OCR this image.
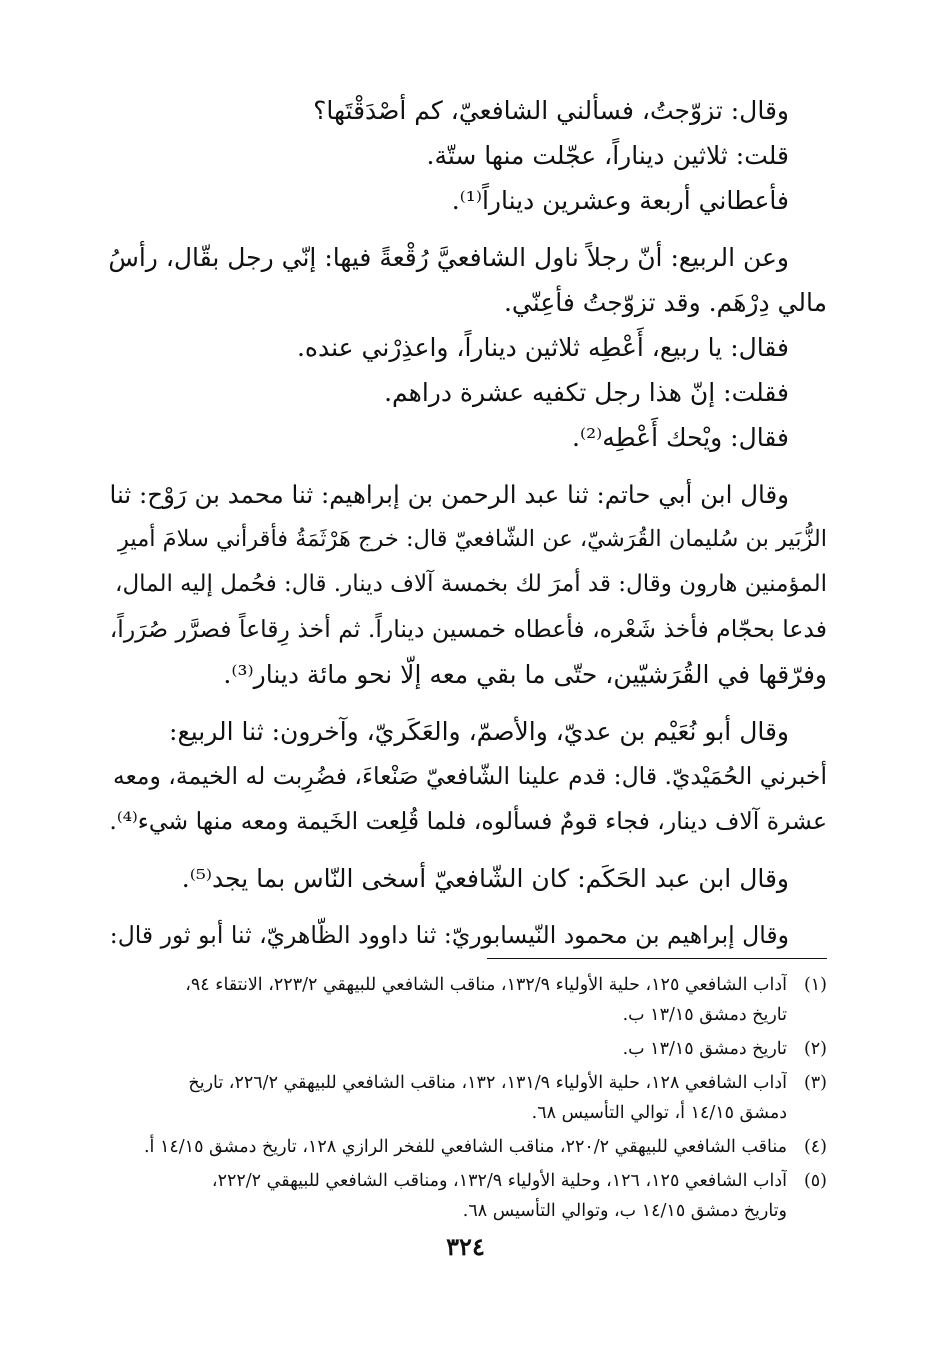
وقال: تزوّجتُ، فسألني الشافعيّ، كم أصْدَقْتَها؟
قلت: ثلاثين ديناراً، عجّلت منها ستّة.
فأعطاني أربعة وعشرين ديناراً⁽¹⁾.
وعن الربيع: أنّ رجلاً ناول الشافعيَّ رُقْعةً فيها: إنّي رجل بقّال، رأسُ
مالي دِرْهَم. وقد تزوّجتُ فأعِنّي.
فقال: يا ربيع، أَعْطِه ثلاثين ديناراً، واعذِرْني عنده.
فقلت: إنّ هذا رجل تكفيه عشرة دراهم.
فقال: ويْحك أَعْطِه⁽²⁾.
وقال ابن أبي حاتم: ثنا عبد الرحمن بن إبراهيم: ثنا محمد بن رَوْح: ثنا
الزُّبَير بن سُليمان القُرَشيّ، عن الشّافعيّ قال: خرج هَرْثَمَةُ فأقرأني سلامَ أميرِ
المؤمنين هارون وقال: قد أمرَ لك بخمسة آلاف دينار. قال: فحُمل إليه المال،
فدعا بحجّام فأخذ شَعْره، فأعطاه خمسين ديناراً. ثم أخذ رِقاعاً فصرَّر صُرَراً،
وفرّقها في القُرَشيّين، حتّى ما بقي معه إلّا نحو مائة دينار⁽³⁾.
وقال أبو نُعَيْم بن عديّ، والأصمّ، والعَكَريّ، وآخرون: ثنا الربيع:
أخبرني الحُمَيْديّ. قال: قدم علينا الشّافعيّ صَنْعاءَ، فضُرِبت له الخيمة، ومعه
عشرة آلاف دينار، فجاء قومٌ فسألوه، فلما قُلِعت الخَيمة ومعه منها شيء⁽⁴⁾.
وقال ابن عبد الحَكَم: كان الشّافعيّ أسخى النّاس بما يجد⁽⁵⁾.
وقال إبراهيم بن محمود النّيسابوريّ: ثنا داوود الظّاهريّ، ثنا أبو ثور قال:
(١)
آداب الشافعي ١٢٥، حلية الأولياء ١٣٢/٩، مناقب الشافعي للبيهقي ٢٢٣/٢، الانتقاء ٩٤،
تاريخ دمشق ١٣/١٥ ب.
(٢)
تاريخ دمشق ١٣/١٥ ب.
(٣)
آداب الشافعي ١٢٨، حلية الأولياء ١٣١/٩، ١٣٢، مناقب الشافعي للبيهقي ٢٢٦/٢، تاريخ
دمشق ١٤/١٥ أ، توالي التأسيس ٦٨.
(٤)
مناقب الشافعي للبيهقي ٢٢٠/٢، مناقب الشافعي للفخر الرازي ١٢٨، تاريخ دمشق ١٤/١٥ أ.
(٥)
آداب الشافعي ١٢٥، ١٢٦، وحلية الأولياء ١٣٢/٩، ومناقب الشافعي للبيهقي ٢٢٢/٢،
وتاريخ دمشق ١٤/١٥ ب، وتوالي التأسيس ٦٨.
٣٢٤
